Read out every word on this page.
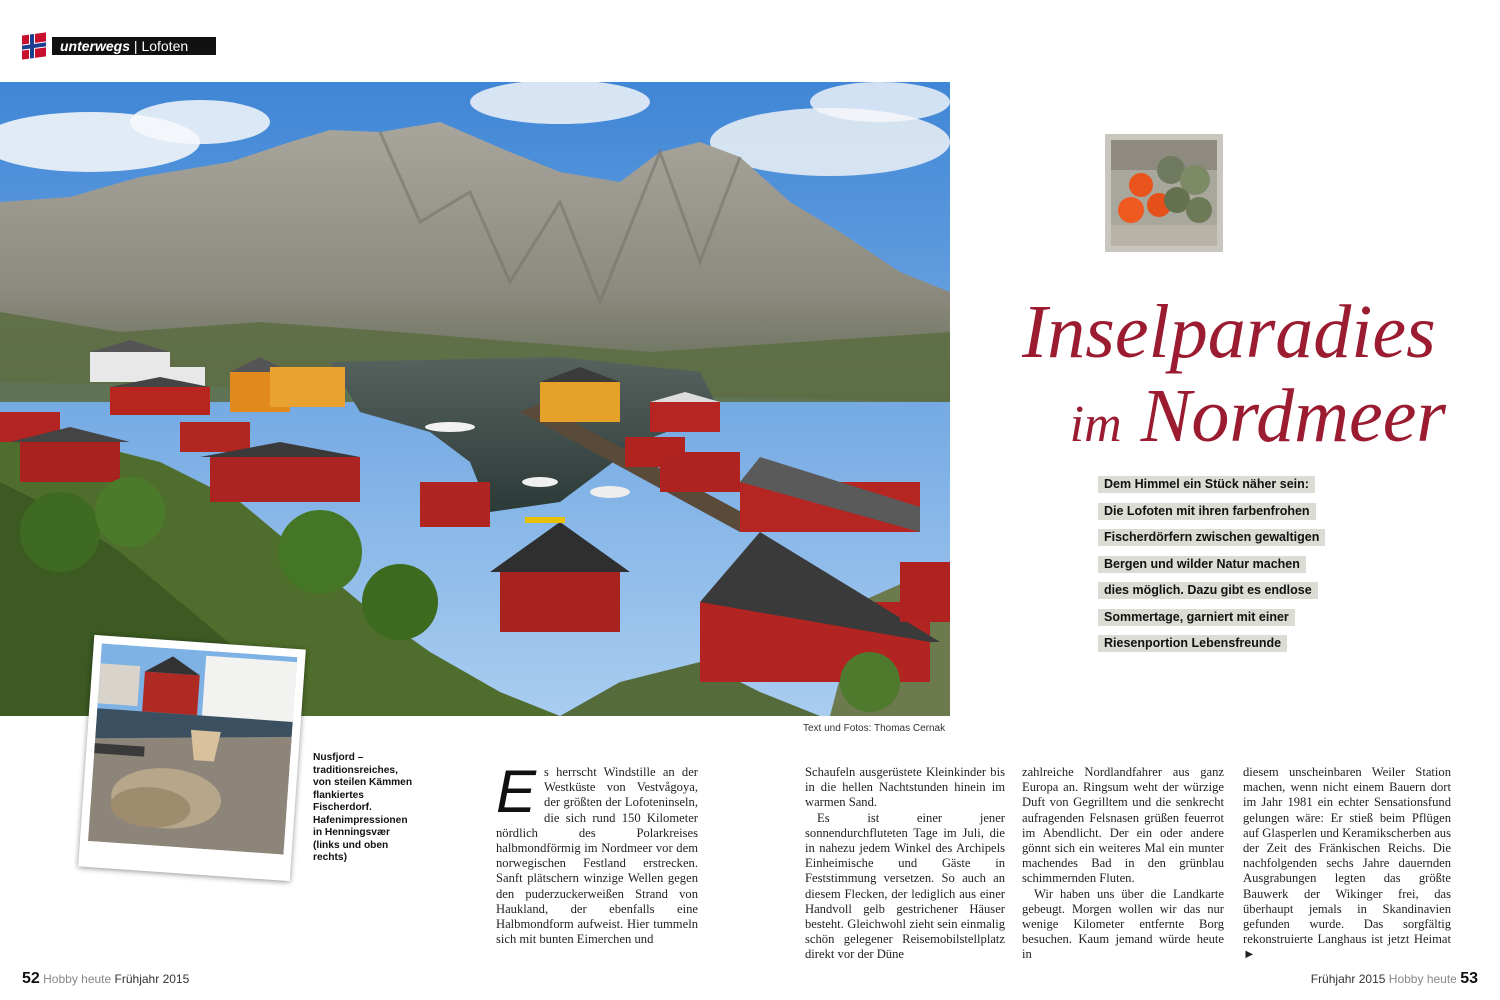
unterwegs | Lofoten
Text und Fotos: Thomas Cernak
Inselparadies
im Nordmeer
Dem Himmel ein Stück näher sein:
Die Lofoten mit ihren farbenfrohen
Fischerdörfern zwischen gewaltigen
Bergen und wilder Natur machen
dies möglich. Dazu gibt es endlose
Sommertage, garniert mit einer
Riesenportion Lebensfreunde
Nusfjord – traditionsreiches, von steilen Kämmen flankiertes Fischerdorf. Hafenimpressionen in Henningsvær (links und oben rechts)
E s herrscht Windstille an der Westküste von Vestvågoya, der größten der Lofoteninseln, die sich rund 150 Kilometer nördlich des Polarkreises halbmondförmig im Nordmeer vor dem norwegischen Festland erstrecken. Sanft plätschern winzige Wellen gegen den puderzuckerweißen Strand von Haukland, der ebenfalls eine Halbmondform aufweist. Hier tummeln sich mit bunten Eimerchen und

Schaufeln ausgerüstete Kleinkinder bis in die hellen Nachtstunden hinein im warmen Sand.

Es ist einer jener sonnendurchfluteten Tage im Juli, die in nahezu jedem Winkel des Archipels Einheimische und Gäste in Feststimmung versetzen. So auch an diesem Flecken, der lediglich aus einer Handvoll gelb gestrichener Häuser besteht. Gleichwohl zieht sein einmalig schön gelegener Reisemobilstellplatz direkt vor der Düne

zahlreiche Nordlandfahrer aus ganz Europa an. Ringsum weht der würzige Duft von Gegrilltem und die senkrecht aufragenden Felsnasen grüßen feuerrot im Abendlicht. Der ein oder andere gönnt sich ein weiteres Mal ein munter machendes Bad in den grünblau schimmernden Fluten.

Wir haben uns über die Landkarte gebeugt. Morgen wollen wir das nur wenige Kilometer entfernte Borg besuchen. Kaum jemand würde heute in

diesem unscheinbaren Weiler Station machen, wenn nicht einem Bauern dort im Jahr 1981 ein echter Sensationsfund gelungen wäre: Er stieß beim Pflügen auf Glasperlen und Keramikscherben aus der Zeit des Fränkischen Reichs. Die nachfolgenden sechs Jahre dauernden Ausgrabungen legten das größte Bauwerk der Wikinger frei, das überhaupt jemals in Skandinavien gefunden wurde. Das sorgfältig rekonstruierte Langhaus ist jetzt Heimat ►

52 Hobby heute Frühjahr 2015	Frühjahr 2015 Hobby heute 53
